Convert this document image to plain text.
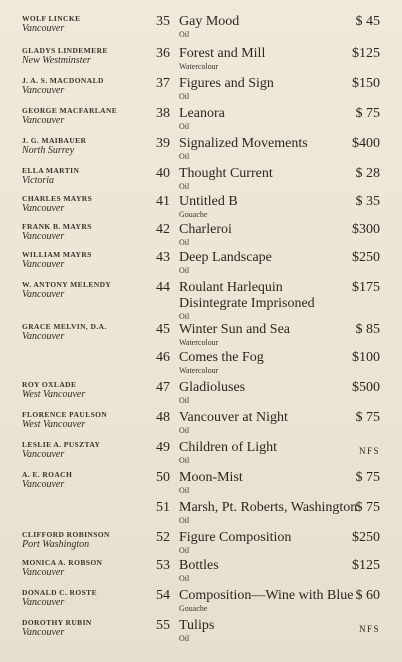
WOLF LINCKE
Vancouver	35 Gay Mood
Oil
$ 45
GLADYS LINDEMERE
New Westminster	36 Forest and Mill
Watercolour
$125
J. A. S. MACDONALD
Vancouver	37 Figures and Sign
Oil
$150
GEORGE MACFARLANE
Vancouver	38 Leanora
Oil
$ 75
J. G. MAIBAUER
North Surrey	39 Signalized Movements
Oil
$400
ELLA MARTIN
Victoria	40 Thought Current
Oil
$ 28
CHARLES MAYRS
Vancouver	41 Untitled B
Gouache
$ 35
FRANK B. MAYRS
Vancouver	42 Charleroi
Oil
$300
WILLIAM MAYRS
Vancouver	43 Deep Landscape
Oil
$250
W. ANTONY MELENDY
Vancouver	44 Roulant Harlequin
Disintegrate Imprisoned
Oil
$175
GRACE MELVIN, D.A.
Vancouver	45 Winter Sun and Sea
Watercolour
$ 85
46 Comes the Fog
Watercolour
$100
ROY OXLADE
West Vancouver	47 Gladioluses
Oil
$500
FLORENCE PAULSON
West Vancouver	48 Vancouver at Night
Oil
$ 75
LESLIE A. PUSZTAY
Vancouver	49 Children of Light
Oil
NFS
A. E. ROACH
Vancouver	50 Moon-Mist
Oil
$ 75
51 Marsh, Pt. Roberts, Washington
Oil
$ 75
CLIFFORD ROBINSON
Port Washington	52 Figure Composition
Oil
$250
MONICA A. ROBSON
Vancouver	53 Bottles
Oil
$125
DONALD C. ROSTE
Vancouver	54 Composition—Wine with Blue
Gouache
$ 60
DOROTHY RUBIN
Vancouver	55 Tulips
Oil
NFS
